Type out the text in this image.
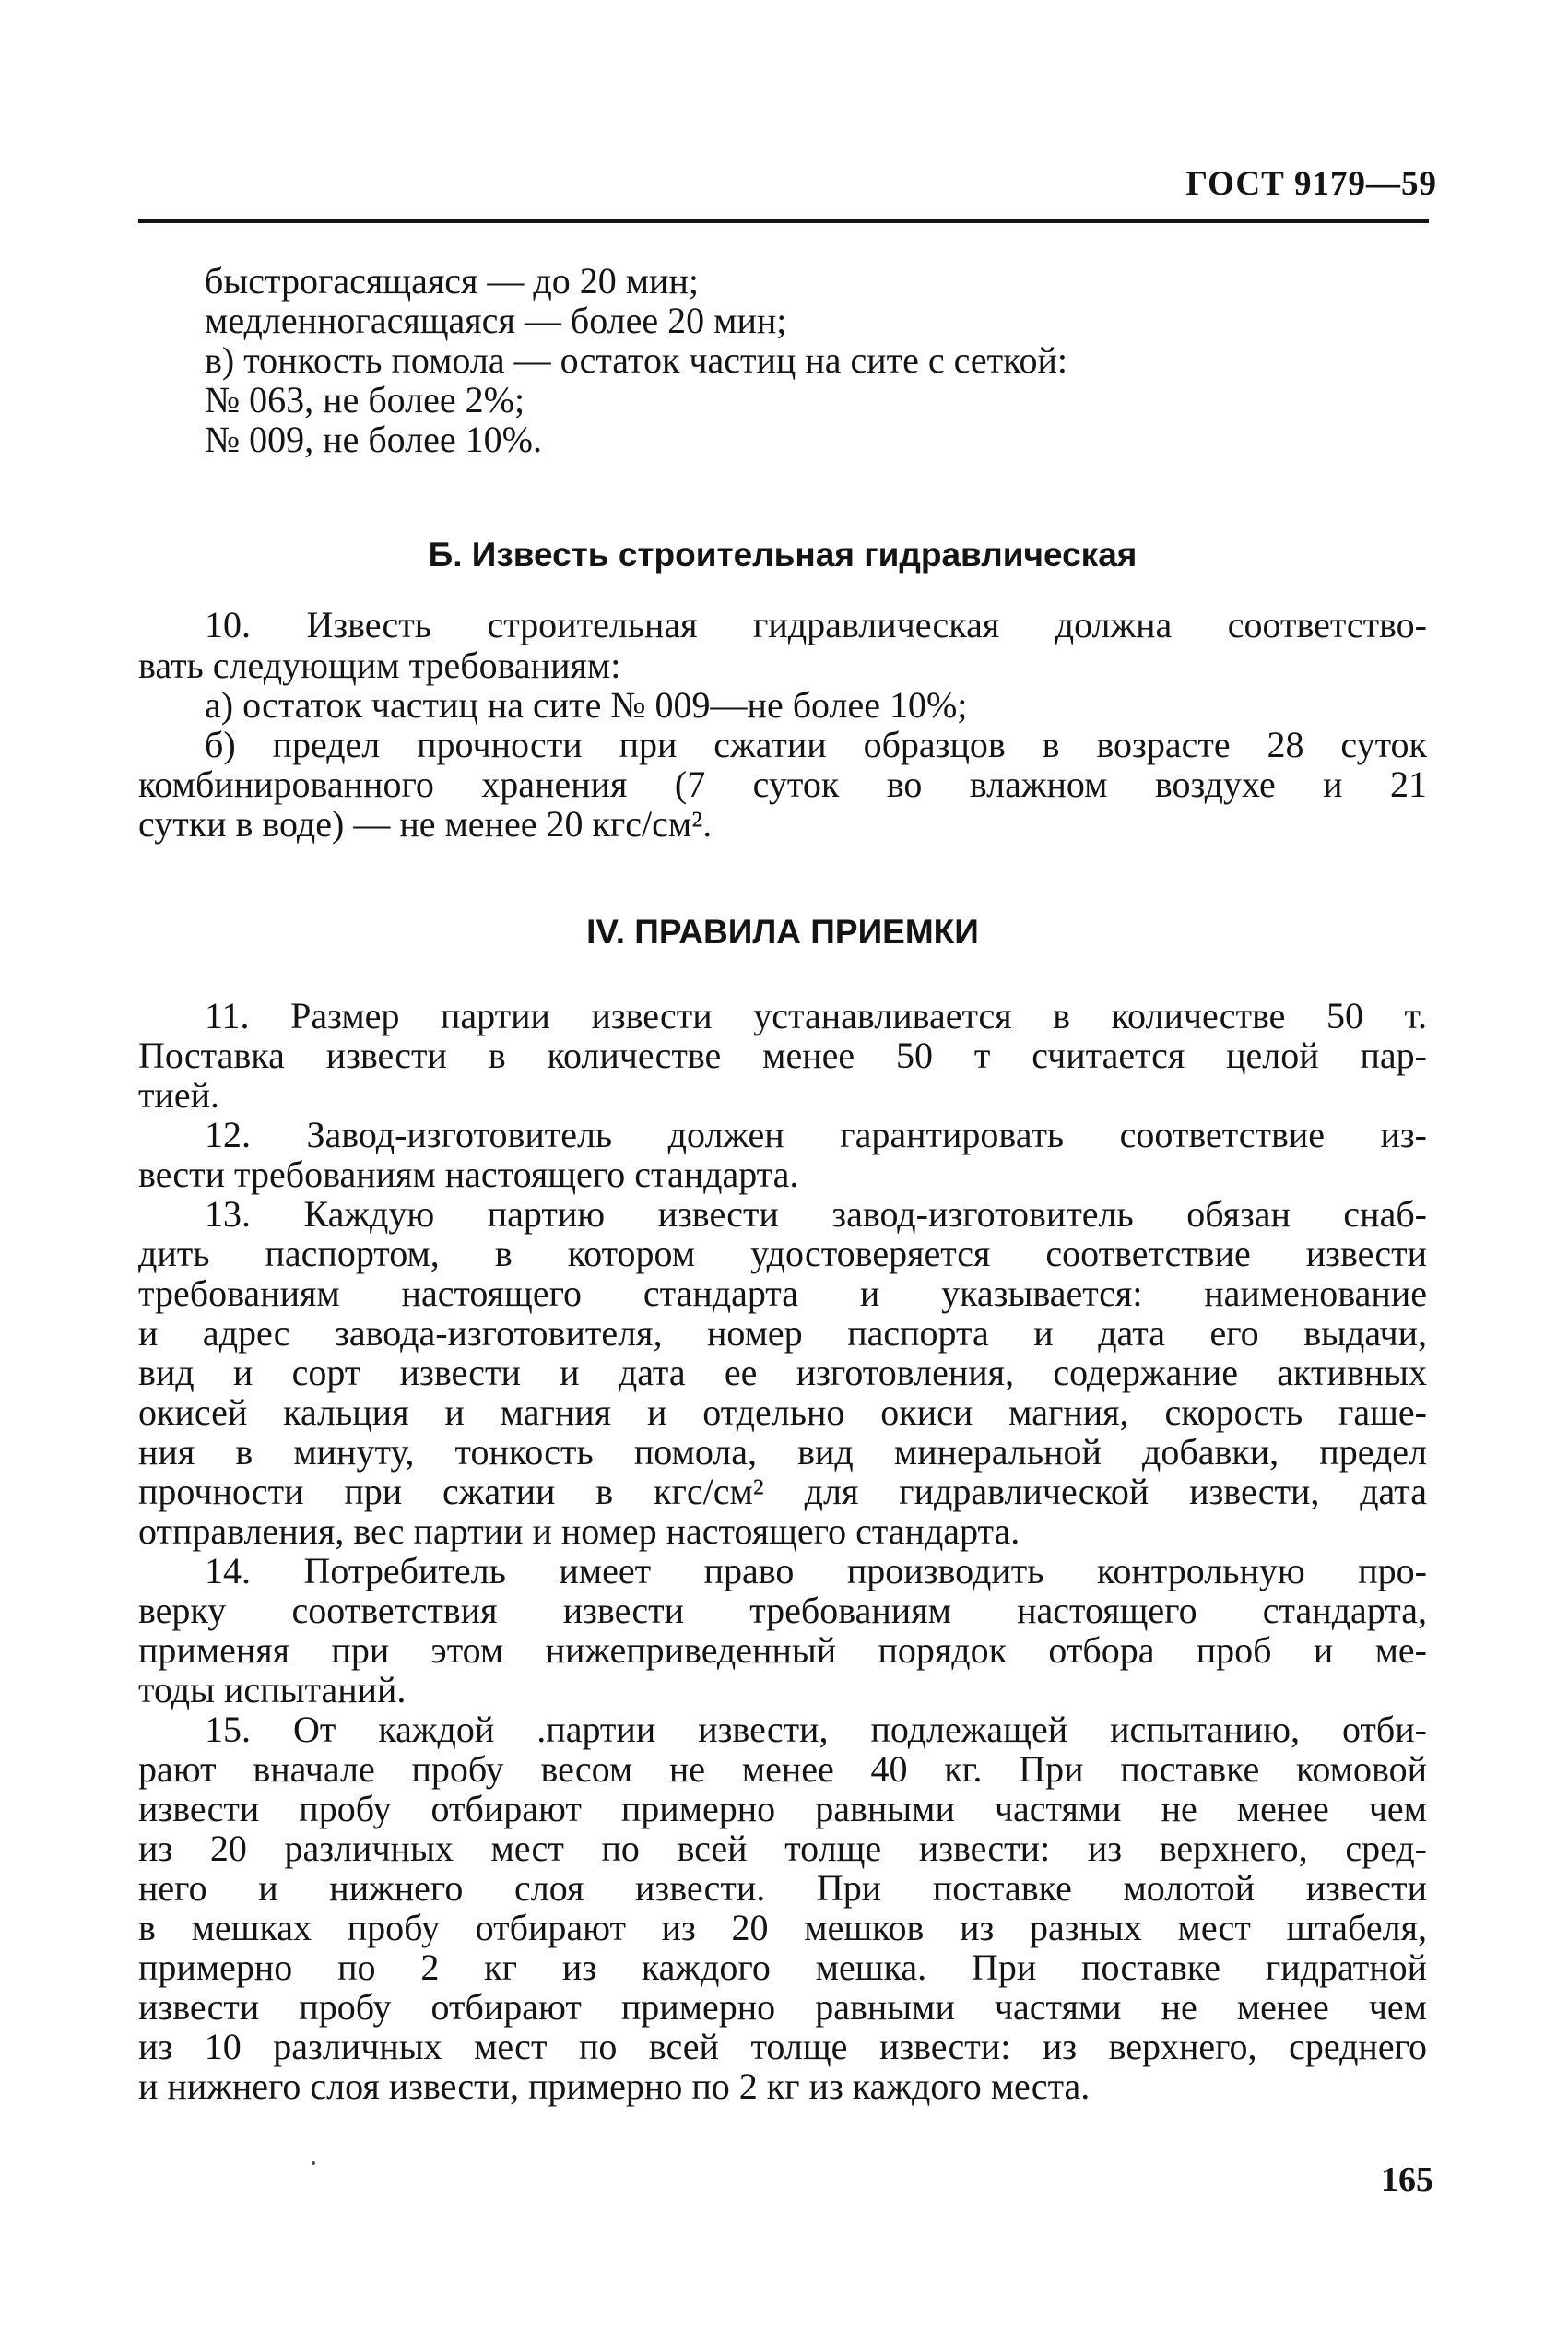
ГОСТ 9179—59
быстрогасящаяся — до 20 мин;
медленногасящаяся — более 20 мин;
в) тонкость помола — остаток частиц на сите с сеткой:
№ 063, не более 2%;
№ 009, не более 10%.
Б. Известь строительная гидравлическая
10. Известь строительная гидравлическая должна соответство-
вать следующим требованиям:
а) остаток частиц на сите № 009—не более 10%;
б) предел прочности при сжатии образцов в возрасте 28 суток
комбинированного хранения (7 суток во влажном воздухе и 21
сутки в воде) — не менее 20 кгс/см².
IV. ПРАВИЛА ПРИЕМКИ
11. Размер партии извести устанавливается в количестве 50 т.
Поставка извести в количестве менее 50 т считается целой пар-
тией.
12. Завод-изготовитель должен гарантировать соответствие из-
вести требованиям настоящего стандарта.
13. Каждую партию извести завод-изготовитель обязан снаб-
дить паспортом, в котором удостоверяется соответствие извести
требованиям настоящего стандарта и указывается: наименование
и адрес завода-изготовителя, номер паспорта и дата его выдачи,
вид и сорт извести и дата ее изготовления, содержание активных
окисей кальция и магния и отдельно окиси магния, скорость гаше-
ния в минуту, тонкость помола, вид минеральной добавки, предел
прочности при сжатии в кгс/см² для гидравлической извести, дата
отправления, вес партии и номер настоящего стандарта.
14. Потребитель имеет право производить контрольную про-
верку соответствия извести требованиям настоящего стандарта,
применяя при этом нижеприведенный порядок отбора проб и ме-
тоды испытаний.
15. От каждой .партии извести, подлежащей испытанию, отби-
рают вначале пробу весом не менее 40 кг. При поставке комовой
извести пробу отбирают примерно равными частями не менее чем
из 20 различных мест по всей толще извести: из верхнего, сред-
него и нижнего слоя извести. При поставке молотой извести
в мешках пробу отбирают из 20 мешков из разных мест штабеля,
примерно по 2 кг из каждого мешка. При поставке гидратной
извести пробу отбирают примерно равными частями не менее чем
из 10 различных мест по всей толще извести: из верхнего, среднего
и нижнего слоя извести, примерно по 2 кг из каждого места.
165
